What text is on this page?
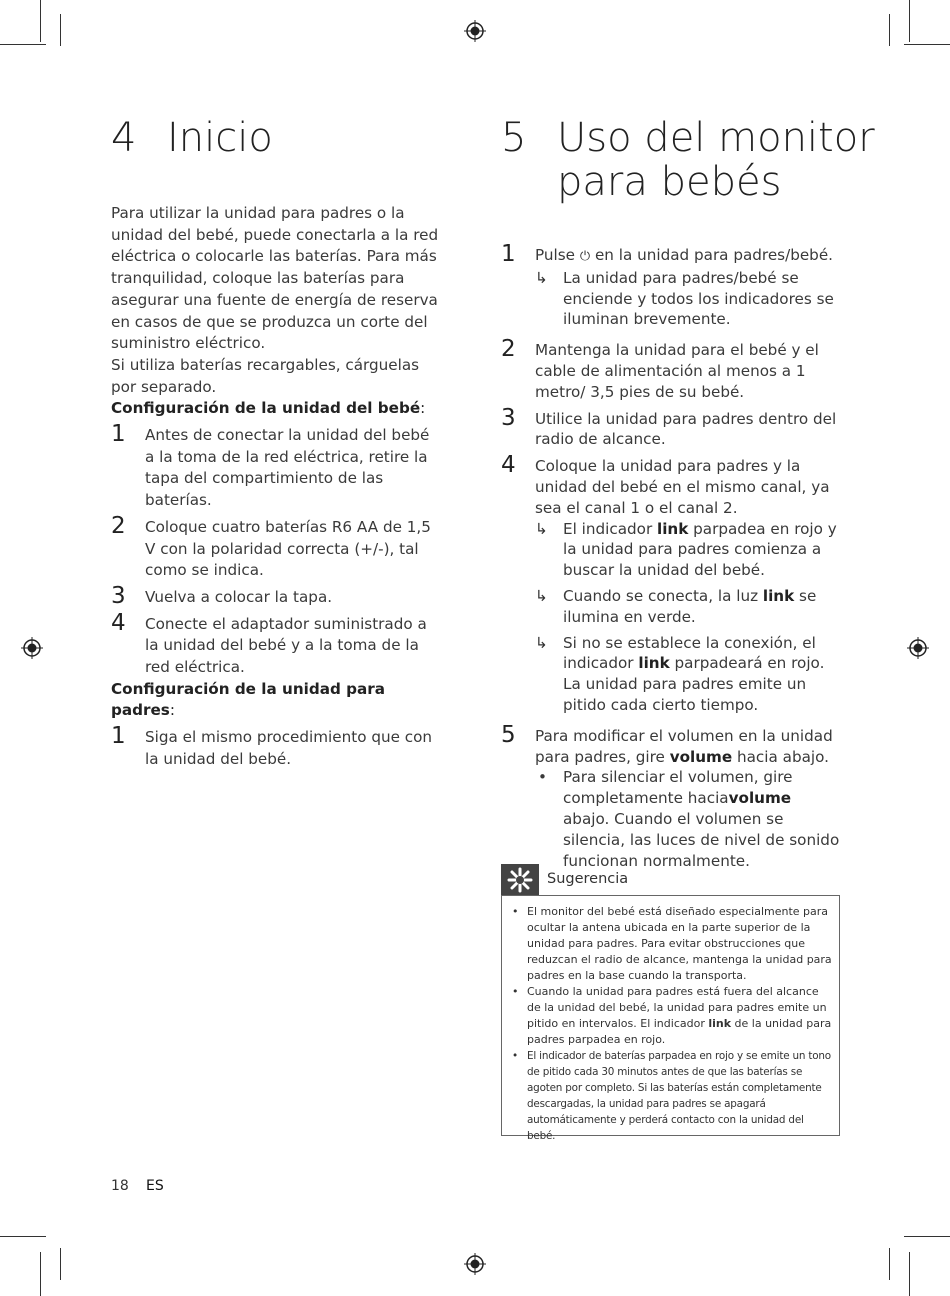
4 Inicio

Para utilizar la unidad para padres o la unidad del bebé, puede conectarla a la red eléctrica o colocarle las baterías. Para más tranquilidad, coloque las baterías para asegurar una fuente de energía de reserva en casos de que se produzca un corte del suministro eléctrico.

Si utiliza baterías recargables, cárguelas por separado.

Configuración de la unidad del bebé:

1 Antes de conectar la unidad del bebé a la toma de la red eléctrica, retire la tapa del compartimiento de las baterías.

2 Coloque cuatro baterías R6 AA de 1,5 V con la polaridad correcta (+/-), tal como se indica.

3 Vuelva a colocar la tapa.

4 Conecte el adaptador suministrado a la unidad del bebé y a la toma de la red eléctrica.

Configuración de la unidad para padres:

1 Siga el mismo procedimiento que con la unidad del bebé.

5 Uso del monitor
para bebés

1 Pulse ⏻ en la unidad para padres/bebé.

↳ La unidad para padres/bebé se enciende y todos los indicadores se iluminan brevemente.

2 Mantenga la unidad para el bebé y el cable de alimentación al menos a 1 metro/ 3,5 pies de su bebé.

3 Utilice la unidad para padres dentro del radio de alcance.

4 Coloque la unidad para padres y la unidad del bebé en el mismo canal, ya sea el canal 1 o el canal 2.

↳ El indicador link parpadea en rojo y la unidad para padres comienza a buscar la unidad del bebé.

↳ Cuando se conecta, la luz link se ilumina en verde.

↳ Si no se establece la conexión, el indicador link parpadeará en rojo. La unidad para padres emite un pitido cada cierto tiempo.

5 Para modificar el volumen en la unidad para padres, gire volume hacia abajo.

• Para silenciar el volumen, gire completamente haciavolume abajo. Cuando el volumen se silencia, las luces de nivel de sonido funcionan normalmente.

Sugerencia

• El monitor del bebé está diseñado especialmente para ocultar la antena ubicada en la parte superior de la unidad para padres. Para evitar obstrucciones que reduzcan el radio de alcance, mantenga la unidad para padres en la base cuando la transporta.

• Cuando la unidad para padres está fuera del alcance de la unidad del bebé, la unidad para padres emite un pitido en intervalos. El indicador link de la unidad para padres parpadea en rojo.

• El indicador de baterías parpadea en rojo y se emite un tono de pitido cada 30 minutos antes de que las baterías se agoten por completo. Si las baterías están completamente descargadas, la unidad para padres se apagará automáticamente y perderá contacto con la unidad del bebé.

18 ES
